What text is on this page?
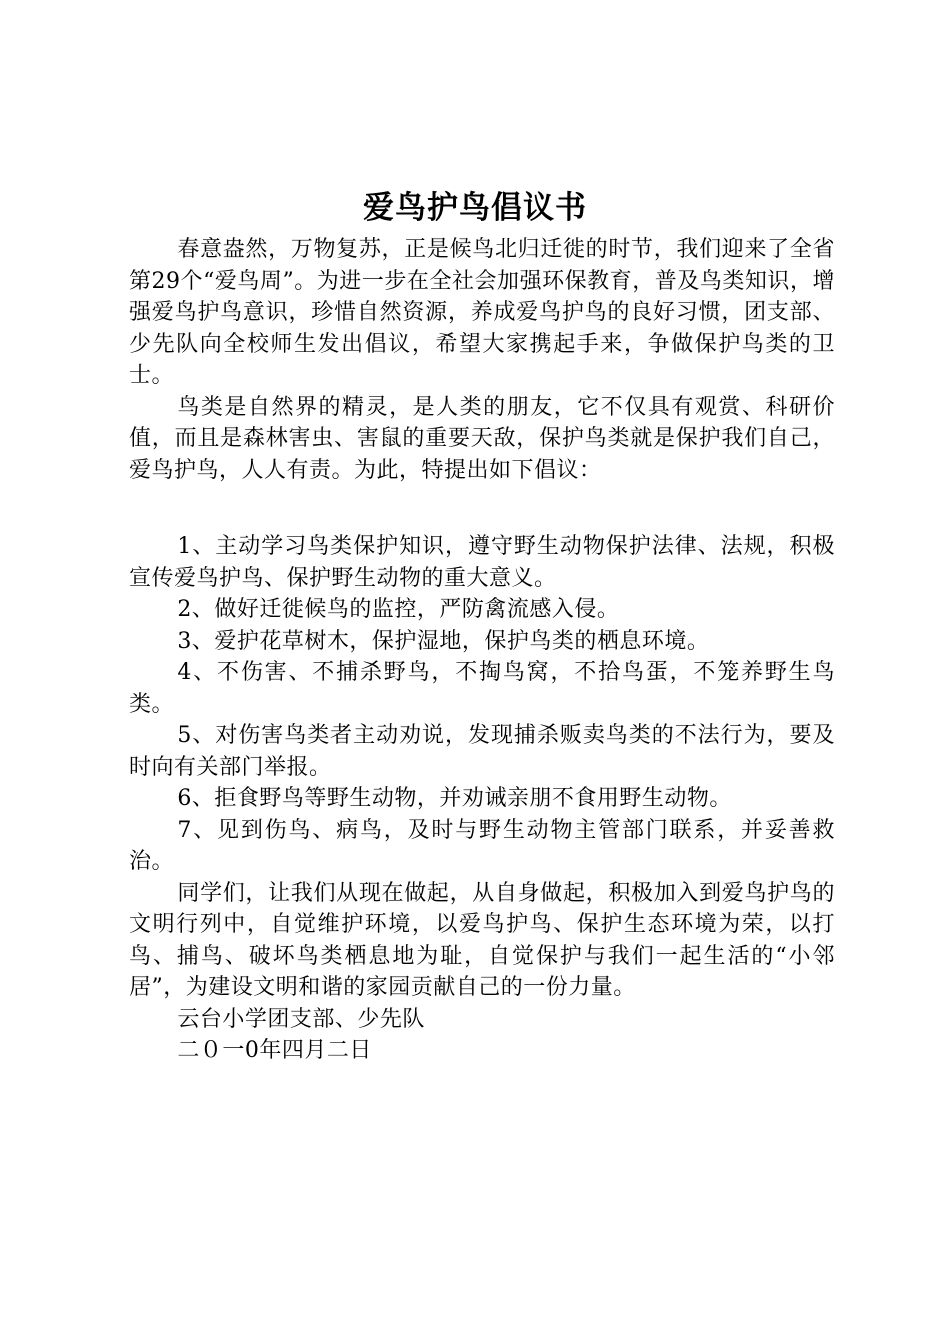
爱鸟护鸟倡议书

春意盎然，万物复苏，正是候鸟北归迁徙的时节，我们迎来了全省第29个“爱鸟周”。为进一步在全社会加强环保教育，普及鸟类知识，增强爱鸟护鸟意识，珍惜自然资源，养成爱鸟护鸟的良好习惯，团支部、少先队向全校师生发出倡议，希望大家携起手来，争做保护鸟类的卫士。

鸟类是自然界的精灵，是人类的朋友，它不仅具有观赏、科研价值，而且是森林害虫、害鼠的重要天敌，保护鸟类就是保护我们自己，爱鸟护鸟，人人有责。为此，特提出如下倡议：

1、主动学习鸟类保护知识，遵守野生动物保护法律、法规，积极宣传爱鸟护鸟、保护野生动物的重大意义。

2、做好迁徙候鸟的监控，严防禽流感入侵。

3、爱护花草树木，保护湿地，保护鸟类的栖息环境。

4、不伤害、不捕杀野鸟，不掏鸟窝，不拾鸟蛋，不笼养野生鸟类。

5、对伤害鸟类者主动劝说，发现捕杀贩卖鸟类的不法行为，要及时向有关部门举报。

6、拒食野鸟等野生动物，并劝诫亲朋不食用野生动物。

7、见到伤鸟、病鸟，及时与野生动物主管部门联系，并妥善救治。

同学们，让我们从现在做起，从自身做起，积极加入到爱鸟护鸟的文明行列中，自觉维护环境，以爱鸟护鸟、保护生态环境为荣，以打鸟、捕鸟、破坏鸟类栖息地为耻，自觉保护与我们一起生活的“小邻居”，为建设文明和谐的家园贡献自己的一份力量。

云台小学团支部、少先队

二０一0年四月二日
